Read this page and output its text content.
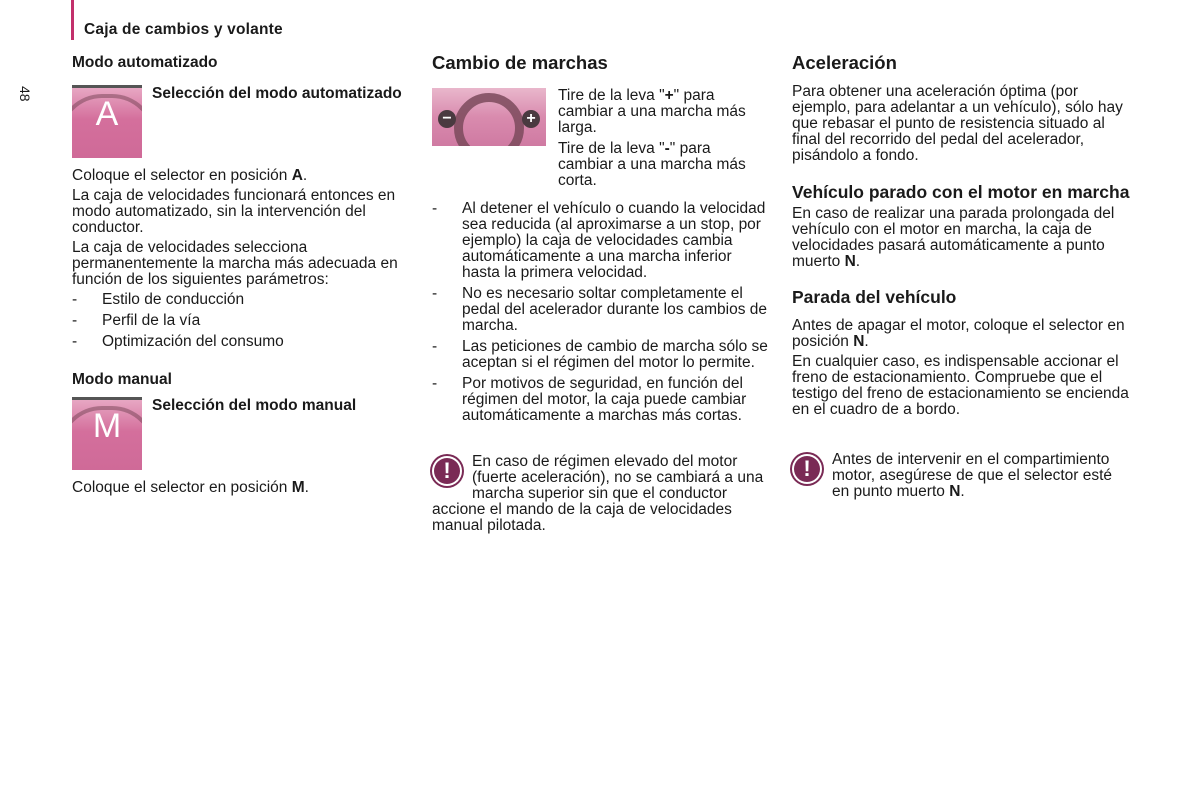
Caja de cambios y volante
48

Modo automatizado

A
Selección del modo automatizado

Coloque el selector en posición A.

La caja de velocidades funcionará entonces en modo automatizado, sin la intervención del conductor.

La caja de velocidades selecciona permanentemente la marcha más adecuada en función de los siguientes parámetros:

- Estilo de conducción
- Perfil de la vía
- Optimización del consumo

Modo manual

M
Selección del modo manual

Coloque el selector en posición M.

Cambio de marchas

−	+

Tire de la leva "+" para cambiar a una marcha más larga.

Tire de la leva "-" para cambiar a una marcha más corta.

- Al detener el vehículo o cuando la velocidad sea reducida (al aproximarse a un stop, por ejemplo) la caja de velocidades cambia automáticamente a una marcha inferior hasta la primera velocidad.
- No es necesario soltar completamente el pedal del acelerador durante los cambios de marcha.
- Las peticiones de cambio de marcha sólo se aceptan si el régimen del motor lo permite.
- Por motivos de seguridad, en función del régimen del motor, la caja puede cambiar automáticamente a marchas más cortas.
!	En caso de régimen elevado del motor (fuerte aceleración), no se cambiará a una marcha superior sin que el conductor accione el mando de la caja de velocidades manual pilotada.

Aceleración

Para obtener una aceleración óptima (por ejemplo, para adelantar a un vehículo), sólo hay que rebasar el punto de resistencia situado al final del recorrido del pedal del acelerador, pisándolo a fondo.

Vehículo parado con el motor en marcha

En caso de realizar una parada prolongada del vehículo con el motor en marcha, la caja de velocidades pasará automáticamente a punto muerto N.

Parada del vehículo

Antes de apagar el motor, coloque el selector en posición N.

En cualquier caso, es indispensable accionar el freno de estacionamiento. Compruebe que el testigo del freno de estacionamiento se encienda en el cuadro de a bordo.

!	Antes de intervenir en el compartimiento motor, asegúrese de que el selector esté en punto muerto N.
